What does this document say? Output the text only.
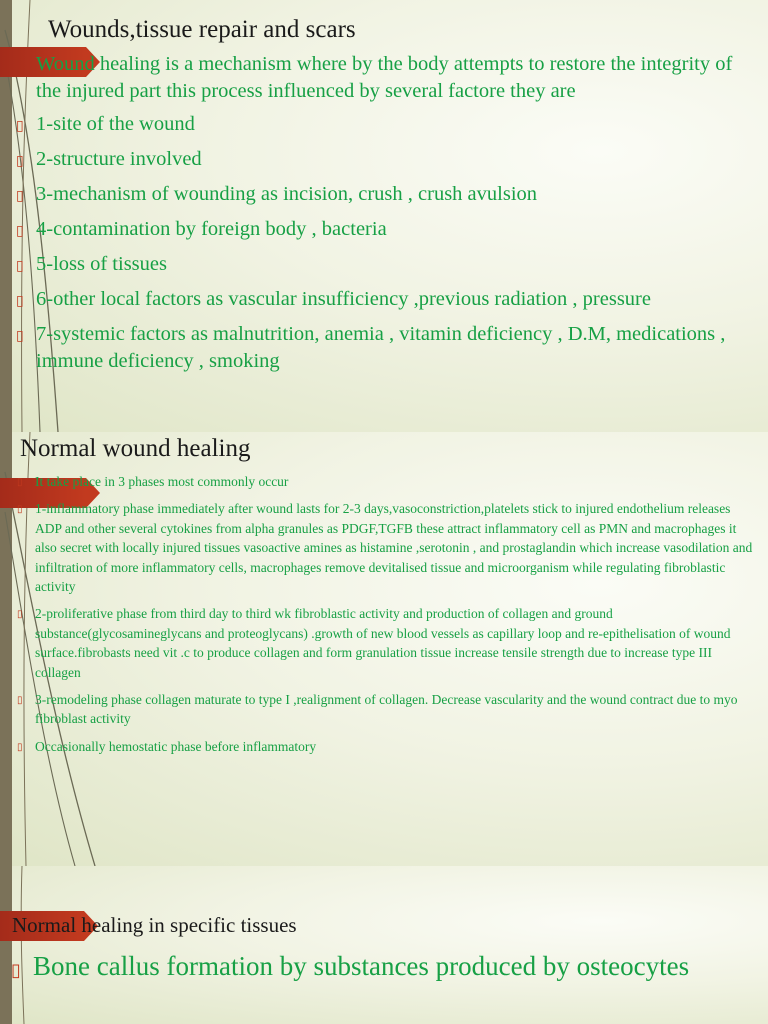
Wounds,tissue repair and scars

Wound healing is a mechanism where by the body attempts to restore the integrity of the injured part this process influenced by several factore they are

▯ 1-site of the wound
▯ 2-structure involved
▯ 3-mechanism of wounding as incision, crush , crush avulsion
▯ 4-contamination by foreign body , bacteria
▯ 5-loss of tissues
▯ 6-other local factors as vascular insufficiency ,previous radiation , pressure
▯ 7-systemic factors as malnutrition, anemia , vitamin deficiency , D.M, medications , immune deficiency , smoking
Normal wound healing
▯ It take place in 3 phases most commonly occur
▯ 1-inflammatory phase immediately after wound lasts for 2-3 days,vasoconstriction,platelets stick to injured endothelium releases ADP and other several cytokines from alpha granules as PDGF,TGFB these attract inflammatory cell as PMN and macrophages it also secret with locally injured tissues vasoactive amines as histamine ,serotonin , and prostaglandin which increase vasodilation and infiltration of more inflammatory cells, macrophages remove devitalised tissue and microorganism while regulating fibroblastic activity
▯ 2-proliferative phase from third day to third wk fibroblastic activity and production of collagen and ground substance(glycosamineglycans and proteoglycans) .growth of new blood vessels as capillary loop and re-epithelisation of wound surface.fibrobasts need vit .c to produce collagen and form granulation tissue increase tensile strength due to increase type III collagen
▯ 3-remodeling phase collagen maturate to type I ,realignment of collagen. Decrease vascularity and the wound contract due to myo fibroblast activity
▯ Occasionally hemostatic phase before inflammatory
Normal healing in specific tissues
▯ Bone callus formation by substances produced by osteocytes
